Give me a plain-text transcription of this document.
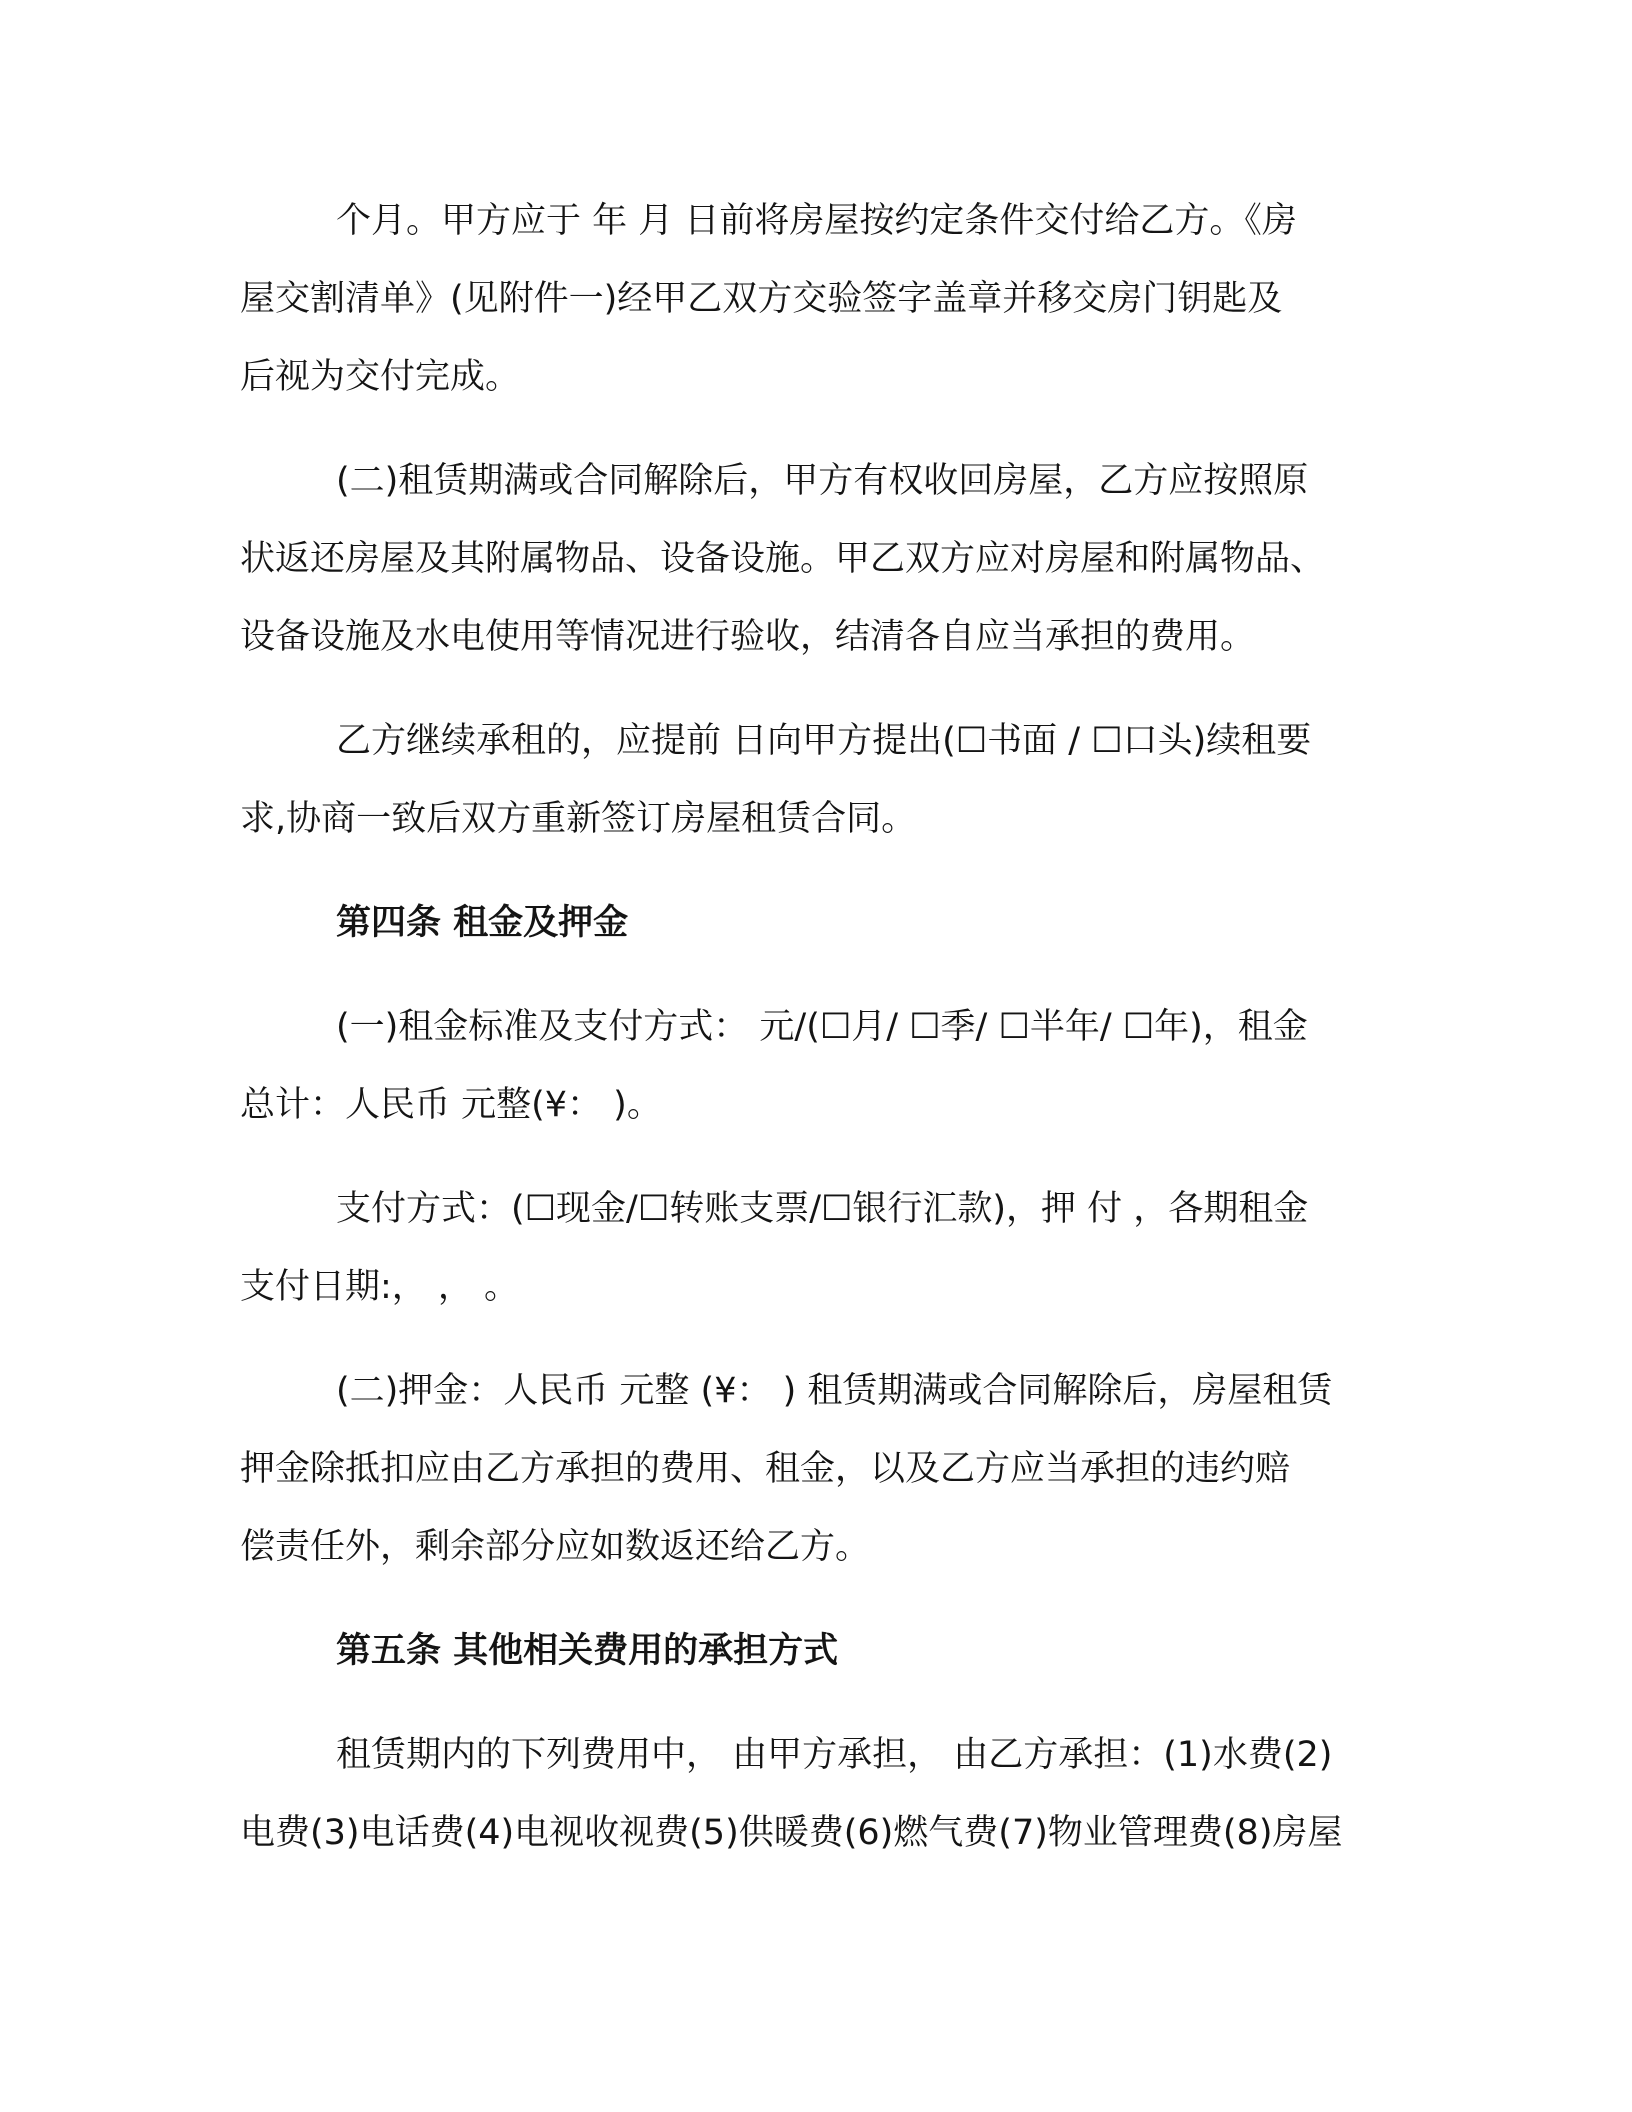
个月。甲方应于 年 月 日前将房屋按约定条件交付给乙方。《房
屋交割清单》(见附件一)经甲乙双方交验签字盖章并移交房门钥匙及
后视为交付完成。
(二)租赁期满或合同解除后，甲方有权收回房屋，乙方应按照原
状返还房屋及其附属物品、设备设施。甲乙双方应对房屋和附属物品、
设备设施及水电使用等情况进行验收，结清各自应当承担的费用。
乙方继续承租的，应提前 日向甲方提出(☐书面 / ☐口头)续租要
求,协商一致后双方重新签订房屋租赁合同。
第四条 租金及押金
(一)租金标准及支付方式： 元/(☐月/ ☐季/ ☐半年/ ☐年)，租金
总计：人民币 元整(¥： )。
支付方式：(☐现金/☐转账支票/☐银行汇款)，押 付 ，各期租金
支付日期:， ， 。
(二)押金：人民币 元整 (¥： ) 租赁期满或合同解除后，房屋租赁
押金除抵扣应由乙方承担的费用、租金，以及乙方应当承担的违约赔
偿责任外，剩余部分应如数返还给乙方。
第五条 其他相关费用的承担方式
租赁期内的下列费用中， 由甲方承担， 由乙方承担：(1)水费(2)
电费(3)电话费(4)电视收视费(5)供暖费(6)燃气费(7)物业管理费(8)房屋
